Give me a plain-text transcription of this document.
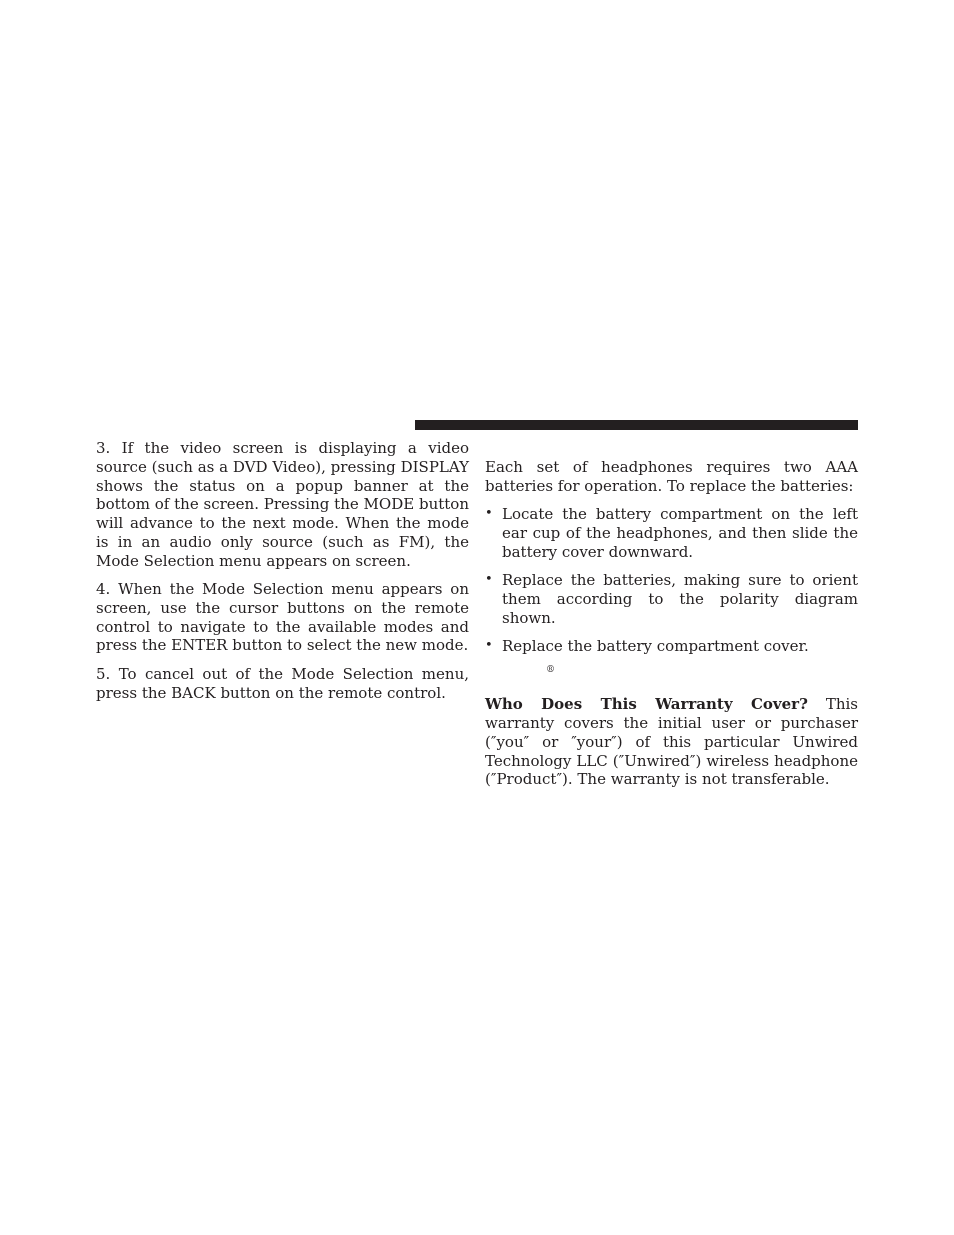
3. If the video screen is displaying a video source (such as a DVD Video), pressing DISPLAY shows the status on a popup banner at the bottom of the screen. Pressing the MODE button will advance to the next mode. When the mode is in an audio only source (such as FM), the Mode Selection menu appears on screen.

4. When the Mode Selection menu appears on screen, use the cursor buttons on the remote control to navigate to the available modes and press the ENTER button to select the new mode.

5. To cancel out of the Mode Selection menu, press the BACK button on the remote control.

Each set of headphones requires two AAA batteries for operation. To replace the batteries:

• Locate the battery compartment on the left ear cup of the headphones, and then slide the battery cover downward.
• Replace the batteries, making sure to orient them according to the polarity diagram shown.
• Replace the battery compartment cover.
®

Who Does This Warranty Cover? This warranty covers the initial user or purchaser (″you″ or ″your″) of this particular Unwired Technology LLC (″Unwired″) wireless headphone (″Product″). The warranty is not transferable.
